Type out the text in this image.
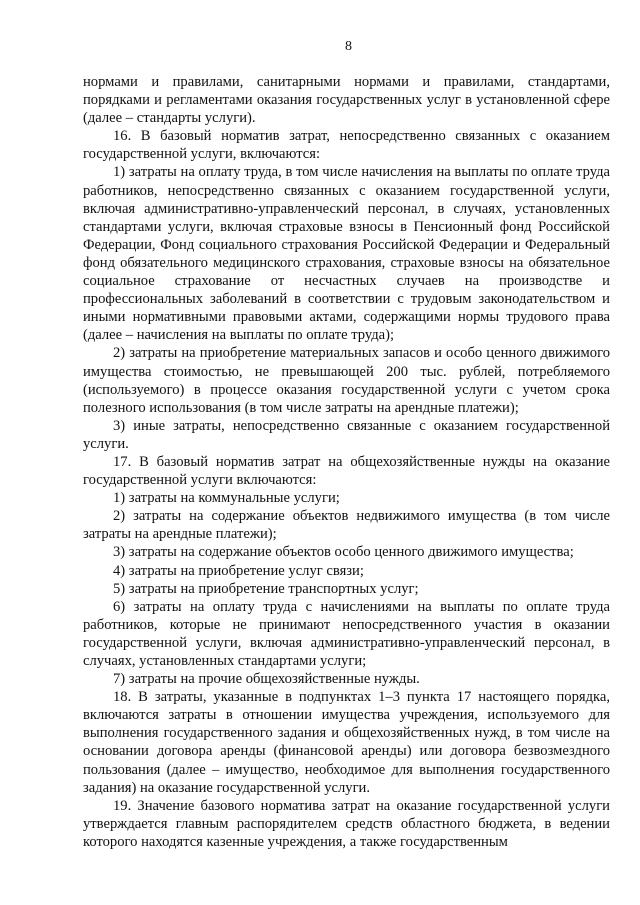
8

нормами и правилами, санитарными нормами и правилами, стандартами, порядками и регламентами оказания государственных услуг в установленной сфере (далее – стандарты услуги).

16. В базовый норматив затрат, непосредственно связанных с оказанием государственной услуги, включаются:

1) затраты на оплату труда, в том числе начисления на выплаты по оплате труда работников, непосредственно связанных с оказанием государственной услуги, включая административно-управленческий персонал, в случаях, установленных стандартами услуги, включая страховые взносы в Пенсионный фонд Российской Федерации, Фонд социального страхования Российской Федерации и Федеральный фонд обязательного медицинского страхования, страховые взносы на обязательное социальное страхование от несчастных случаев на производстве и профессиональных заболеваний в соответствии с трудовым законодательством и иными нормативными правовыми актами, содержащими нормы трудового права (далее – начисления на выплаты по оплате труда);

2) затраты на приобретение материальных запасов и особо ценного движимого имущества стоимостью, не превышающей 200 тыс. рублей, потребляемого (используемого) в процессе оказания государственной услуги с учетом срока полезного использования (в том числе затраты на арендные платежи);

3) иные затраты, непосредственно связанные с оказанием государственной услуги.

17. В базовый норматив затрат на общехозяйственные нужды на оказание государственной услуги включаются:

1) затраты на коммунальные услуги;

2) затраты на содержание объектов недвижимого имущества (в том числе затраты на арендные платежи);

3) затраты на содержание объектов особо ценного движимого имущества;

4) затраты на приобретение услуг связи;

5) затраты на приобретение транспортных услуг;

6) затраты на оплату труда с начислениями на выплаты по оплате труда работников, которые не принимают непосредственного участия в оказании государственной услуги, включая административно-управленческий персонал, в случаях, установленных стандартами услуги;

7) затраты на прочие общехозяйственные нужды.

18. В затраты, указанные в подпунктах 1–3 пункта 17 настоящего порядка, включаются затраты в отношении имущества учреждения, используемого для выполнения государственного задания и общехозяйственных нужд, в том числе на основании договора аренды (финансовой аренды) или договора безвозмездного пользования (далее – имущество, необходимое для выполнения государственного задания) на оказание государственной услуги.

19. Значение базового норматива затрат на оказание государственной услуги утверждается главным распорядителем средств областного бюджета, в ведении которого находятся казенные учреждения, а также государственным
